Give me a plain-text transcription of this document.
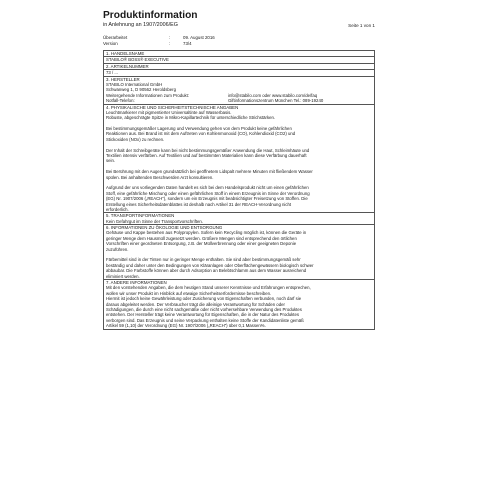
Produktinformation
in Anlehnung an 1907/2006/EG	Seite 1 von 1
Überarbeitet	:	09. August 2016
Version	:	73/4
1. HANDELSNAME
STABILO® BOSS® EXECUTIVE
2. ARTIKELNUMMER
73 / ...
3. HERSTELLER
STABILO International GmbH
Schwanweg 1, D 90562 Heroldsberg
Weitergehende Informationen zum Produkt:	info@stabilo.com oder www.stabilo.com/de/faq
Notfall-Telefon:	Giftinformationszentrum München Tel.: 089-19240
4. PHYSIKALISCHE UND SICHERHEITSTECHNISCHE ANGABEN

Leuchtmarkierer mit pigmentierter Universaltinte auf Wasserbasis.
Robuste, abgeschrägte Spitze in Mikro-Kapillartechnik für unterschiedliche Strichstärken.

Bei bestimmungsgemäßer Lagerung und Verwendung gehen von dem Produkt keine gefährlichen
Reaktionen aus. Bei Brand ist mit dem Auftreten von Kohlenmonoxid (CO), Kohlendioxid (CO2) und
Stickoxiden (NOx) zu rechnen.

Der Inhalt der Schreibgeräte kann bei nicht bestimmungsgemäßer Anwendung die Haut, Schleimhäute und
Textilien intensiv verfärben. Auf Textilien und auf bestimmten Materialien kann diese Verfärbung dauerhaft
sein.

Bei Berührung mit den Augen grundsätzlich bei geöffnetem Lidspalt mehrere Minuten mit fließendem Wasser
spülen. Bei anhaltenden Beschwerden Arzt konsultieren.

Aufgrund der uns vorliegenden Daten handelt es sich bei dem Handelsprodukt nicht um einen gefährlichen
Stoff, eine gefährliche Mischung oder einen gefährlichen Stoff in einem Erzeugnis im Sinne der Verordnung
(EG) Nr. 1907/2006 („REACH“), sondern um ein Erzeugnis mit beabsichtigter Freisetzung von Stoffen. Die
Erstellung eines Sicherheitsdatenblattes ist deshalb nach Artikel 31 der REACH-Verordnung nicht
erforderlich.

5. TRANSPORTINFORMATIONEN
Kein Gefahrgut im Sinne der Transportvorschriften.
6. INFORMATIONEN ZU ÖKOLOGIE UND ENTSORGUNG

Gehäuse und Kappe bestehen aus Polypropylen. Sofern kein Recycling möglich ist, können die Geräte in
geringer Menge dem Hausmüll zugesetzt werden. Größere Mengen sind entsprechend den örtlichen
Vorschriften einer geordneten Entsorgung, z.B. der Müllverbrennung oder einer geeigneten Deponie
zuzuführen.

Färbemittel sind in der Tinten nur in geringer Menge enthalten. Sie sind aber bestimmungsgemäß sehr
beständig und daher unter den Bedingungen von Kläranlagen oder Oberflächengewässern biologisch schwer
abbaubar. Die Farbstoffe können aber durch Adsorption an Belebtschlamm aus dem Wasser ausreichend
eliminiert werden.

7. ANDERE INFORMATIONEN
Mit den vorstehenden Angaben, die dem heutigen Stand unserer Kenntnisse und Erfahrungen entsprechen,
wollen wir unser Produkt im Hinblick auf etwaige Sicherheitserfordernisse beschreiben.
Hiermit ist jedoch keine Gewährleistung oder Zusicherung von Eigenschaften verbunden, noch darf sie
daraus abgeleitet werden. Der Verbraucher trägt die alleinige Verantwortung für Schäden oder
Schädigungen, die durch eine nicht sachgemäße oder nicht vorhersehbare Verwendung des Produktes
entstehen. Der Hersteller trägt keine Verantwortung für Eigenschaften, die in der Natur des Produktes
verborgen sind. Das Erzeugnis und seine Verpackung enthalten keine Stoffe der Kandidatenliste gemäß
Artikel 59 (1,10) der Verordnung (EG) Nr. 1907/2006 („REACH“) über 0,1 Massen%.
